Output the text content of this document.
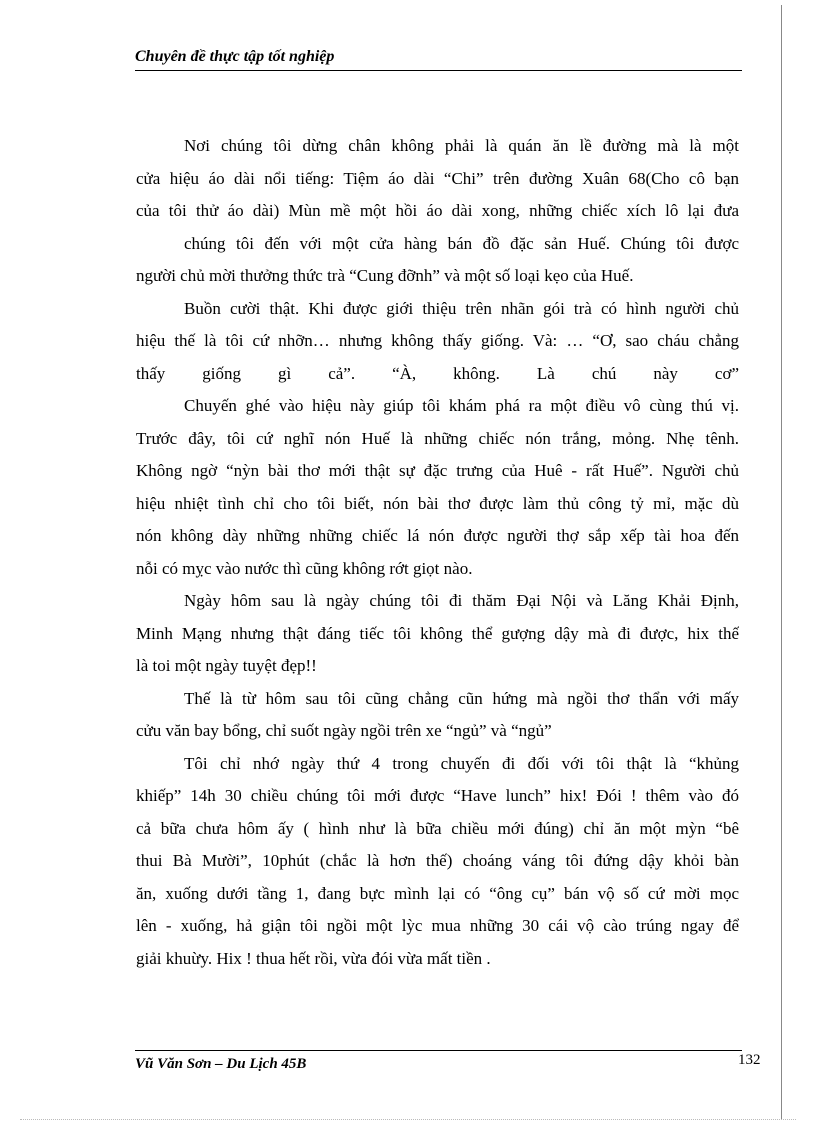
Chuyên đề thực tập tốt nghiệp
Nơi chúng tôi dừng chân không phải là quán ăn lề đường mà là một
cửa hiệu áo dài nổi tiếng: Tiệm áo dài “Chi” trên đường Xuân 68(Cho cô bạn
của tôi thử áo dài) Mùn mề một hồi áo dài xong, những chiếc xích lô lại đưa
chúng tôi đến với một cửa hàng bán đồ đặc sản Huế. Chúng tôi được
người chủ mời thưởng thức trà “Cung đỡnh” và một số loại kẹo của Huế.
Buồn cười thật. Khi được giới thiệu trên nhãn gói trà có hình người chủ
hiệu thế là tôi cứ nhỡn… nhưng không thấy giống. Và: … “Ơ, sao cháu chẳng
thấy giống gì cả”. “À, không. Là chú này cơ”
Chuyến ghé vào hiệu này giúp tôi khám phá ra một điều vô cùng thú vị.
Trước đây, tôi cứ nghĩ nón Huế là những chiếc nón trắng, mỏng. Nhẹ tênh.
Không ngờ “nỳn bài thơ mới thật sự đặc trưng của Huê - rất Huế”. Người chủ
hiệu nhiệt tình chỉ cho tôi biết, nón bài thơ được làm thủ công tỷ mỉ, mặc dù
nón không dày những những chiếc lá nón được người thợ sắp xếp tài hoa đến
nỗi có mỵc vào nước thì cũng không rớt giọt nào.
Ngày hôm sau là ngày chúng tôi đi thăm Đại Nội và Lăng Khải Định,
Minh Mạng nhưng thật đáng tiếc tôi không thể gượng dậy mà đi được, hix thế
là toi một ngày tuyệt đẹp!!
Thế là từ hôm sau tôi cũng chẳng cũn hứng mà ngồi thơ thẩn với mấy
cửu văn bay bổng, chỉ suốt ngày ngồi trên xe “ngủ” và “ngủ”
Tôi chỉ nhớ ngày thứ 4 trong chuyến đi đối với tôi thật là “khủng
khiếp” 14h 30 chiều chúng tôi mới được “Have lunch” hix! Đói ! thêm vào đó
cả bữa chưa hôm ấy ( hình như là bữa chiều mới đúng) chỉ ăn một mỳn “bê
thui Bà Mười”, 10phút (chắc là hơn thế) choáng váng tôi đứng dậy khỏi bàn
ăn, xuống dưới tầng 1, đang bực mình lại có “ông cụ” bán vộ số cứ mời mọc
lên - xuống, hả giận tôi ngồi một lỳc mua những 30 cái vộ cào trúng ngay để
giải khuừy. Hix ! thua hết rồi, vừa đói vừa mất tiền .
Vũ Văn Sơn – Du Lịch 45B	132
